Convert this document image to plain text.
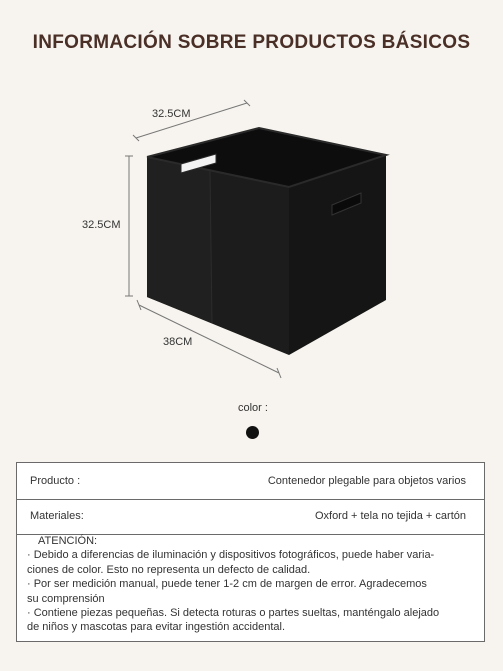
INFORMACIÓN SOBRE PRODUCTOS BÁSICOS
32.5CM
32.5CM
38CM
color :
Producto :	Contenedor plegable para objetos varios
Materiales:	Oxford + tela no tejida + cartón
ATENCIÓN:
· Debido a diferencias de iluminación y dispositivos fotográficos, puede haber varia-
ciones de color. Esto no representa un defecto de calidad.
· Por ser medición manual, puede tener 1-2 cm de margen de error. Agradecemos
su comprensión
· Contiene piezas pequeñas. Si detecta roturas o partes sueltas, manténgalo alejado
de niños y mascotas para evitar ingestión accidental.
